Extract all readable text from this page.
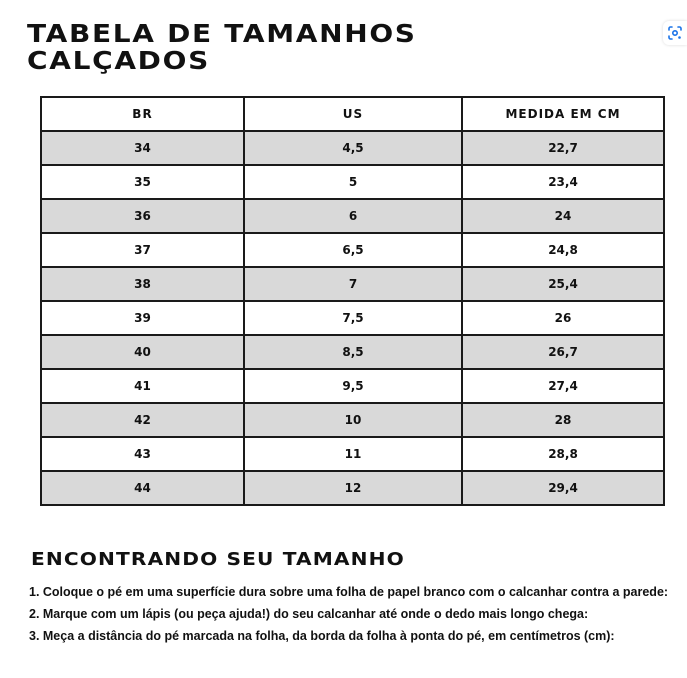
TABELA DE TAMANHOS
CALÇADOS
BR	US	MEDIDA EM CM
34	4,5	22,7
35	5	23,4
36	6	24
37	6,5	24,8
38	7	25,4
39	7,5	26
40	8,5	26,7
41	9,5	27,4
42	10	28
43	11	28,8
44	12	29,4
ENCONTRANDO SEU TAMANHO
1. Coloque o pé em uma superfície dura sobre uma folha de papel branco com o calcanhar contra a parede:
2. Marque com um lápis (ou peça ajuda!) do seu calcanhar até onde o dedo mais longo chega:
3. Meça a distância do pé marcada na folha, da borda da folha à ponta do pé, em centímetros (cm):
